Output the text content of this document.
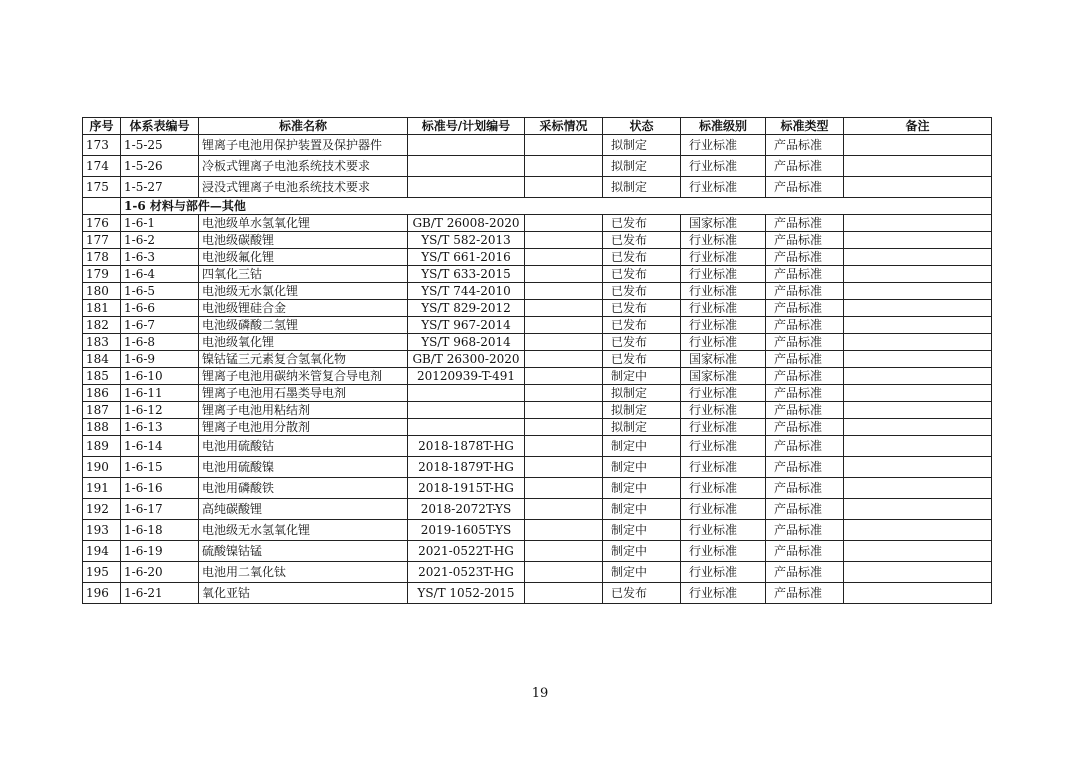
序号	体系表编号	标准名称	标准号/计划编号	采标情况	状态	标准级别	标准类型	备注
173	1-5-25	锂离子电池用保护装置及保护器件			拟制定	行业标准	产品标准	
174	1-5-26	冷板式锂离子电池系统技术要求			拟制定	行业标准	产品标准	
175	1-5-27	浸没式锂离子电池系统技术要求			拟制定	行业标准	产品标准	
	1-6 材料与部件—其他							
176	1-6-1	电池级单水氢氧化锂	GB/T 26008-2020		已发布	国家标准	产品标准	
177	1-6-2	电池级碳酸锂	YS/T 582-2013		已发布	行业标准	产品标准	
178	1-6-3	电池级氟化锂	YS/T 661-2016		已发布	行业标准	产品标准	
179	1-6-4	四氧化三钴	YS/T 633-2015		已发布	行业标准	产品标准	
180	1-6-5	电池级无水氯化锂	YS/T 744-2010		已发布	行业标准	产品标准	
181	1-6-6	电池级锂硅合金	YS/T 829-2012		已发布	行业标准	产品标准	
182	1-6-7	电池级磷酸二氢锂	YS/T 967-2014		已发布	行业标准	产品标准	
183	1-6-8	电池级氧化锂	YS/T 968-2014		已发布	行业标准	产品标准	
184	1-6-9	镍钴锰三元素复合氢氧化物	GB/T 26300-2020		已发布	国家标准	产品标准	
185	1-6-10	锂离子电池用碳纳米管复合导电剂	20120939-T-491		制定中	国家标准	产品标准	
186	1-6-11	锂离子电池用石墨类导电剂			拟制定	行业标准	产品标准	
187	1-6-12	锂离子电池用粘结剂			拟制定	行业标准	产品标准	
188	1-6-13	锂离子电池用分散剂			拟制定	行业标准	产品标准	
189	1-6-14	电池用硫酸钴	2018-1878T-HG		制定中	行业标准	产品标准	
190	1-6-15	电池用硫酸镍	2018-1879T-HG		制定中	行业标准	产品标准	
191	1-6-16	电池用磷酸铁	2018-1915T-HG		制定中	行业标准	产品标准	
192	1-6-17	高纯碳酸锂	2018-2072T-YS		制定中	行业标准	产品标准	
193	1-6-18	电池级无水氢氧化锂	2019-1605T-YS		制定中	行业标准	产品标准	
194	1-6-19	硫酸镍钴锰	2021-0522T-HG		制定中	行业标准	产品标准	
195	1-6-20	电池用二氧化钛	2021-0523T-HG		制定中	行业标准	产品标准	
196	1-6-21	氧化亚钴	YS/T 1052-2015		已发布	行业标准	产品标准	
19
